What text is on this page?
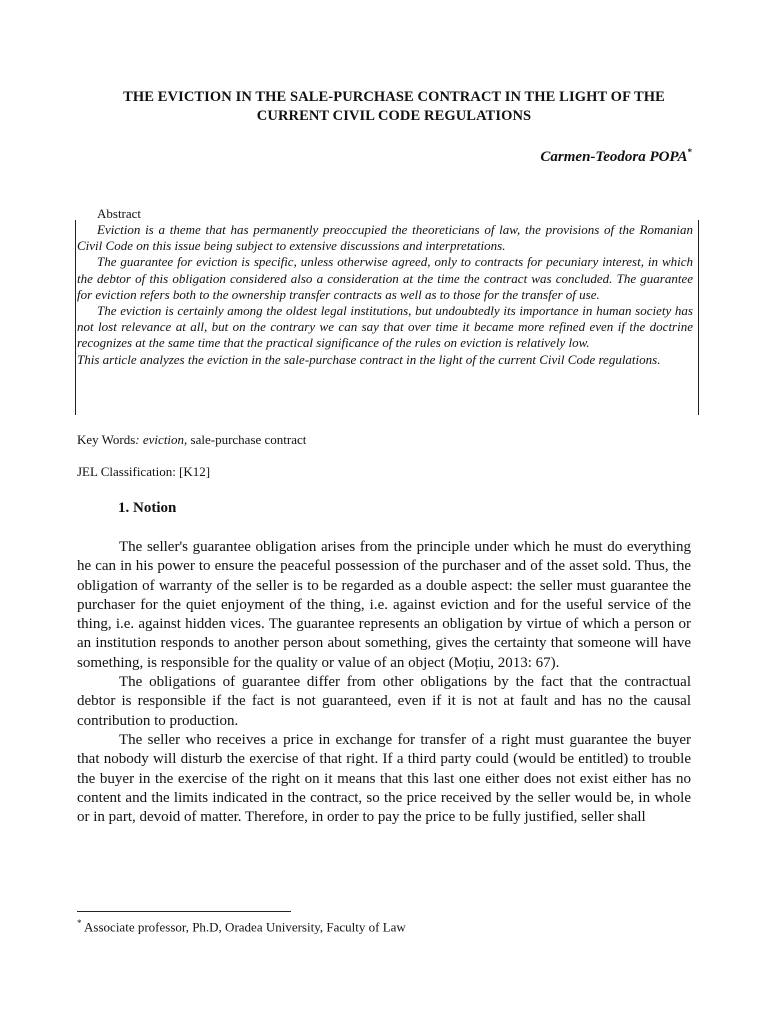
THE EVICTION IN THE SALE-PURCHASE CONTRACT IN THE LIGHT OF THE CURRENT CIVIL CODE REGULATIONS
Carmen-Teodora POPA*
Abstract

Eviction is a theme that has permanently preoccupied the theoreticians of law, the provisions of the Romanian Civil Code on this issue being subject to extensive discussions and interpretations.

The guarantee for eviction is specific, unless otherwise agreed, only to contracts for pecuniary interest, in which the debtor of this obligation considered also a consideration at the time the contract was concluded. The guarantee for eviction refers both to the ownership transfer contracts as well as to those for the transfer of use.

The eviction is certainly among the oldest legal institutions, but undoubtedly its importance in human society has not lost relevance at all, but on the contrary we can say that over time it became more refined even if the doctrine recognizes at the same time that the practical significance of the rules on eviction is relatively low.

This article analyzes the eviction in the sale-purchase contract in the light of the current Civil Code regulations.

Key Words: eviction, sale-purchase contract
JEL Classification: [K12]
1. Notion

The seller's guarantee obligation arises from the principle under which he must do everything he can in his power to ensure the peaceful possession of the purchaser and of the asset sold. Thus, the obligation of warranty of the seller is to be regarded as a double aspect: the seller must guarantee the purchaser for the quiet enjoyment of the thing, i.e. against eviction and for the useful service of the thing, i.e. against hidden vices. The guarantee represents an obligation by virtue of which a person or an institution responds to another person about something, gives the certainty that someone will have something, is responsible for the quality or value of an object (Moțiu, 2013: 67).

The obligations of guarantee differ from other obligations by the fact that the contractual debtor is responsible if the fact is not guaranteed, even if it is not at fault and has no the causal contribution to production.

The seller who receives a price in exchange for transfer of a right must guarantee the buyer that nobody will disturb the exercise of that right. If a third party could (would be entitled) to trouble the buyer in the exercise of the right on it means that this last one either does not exist either has no content and the limits indicated in the contract, so the price received by the seller would be, in whole or in part, devoid of matter. Therefore, in order to pay the price to be fully justified, seller shall

* Associate professor, Ph.D, Oradea University, Faculty of Law
